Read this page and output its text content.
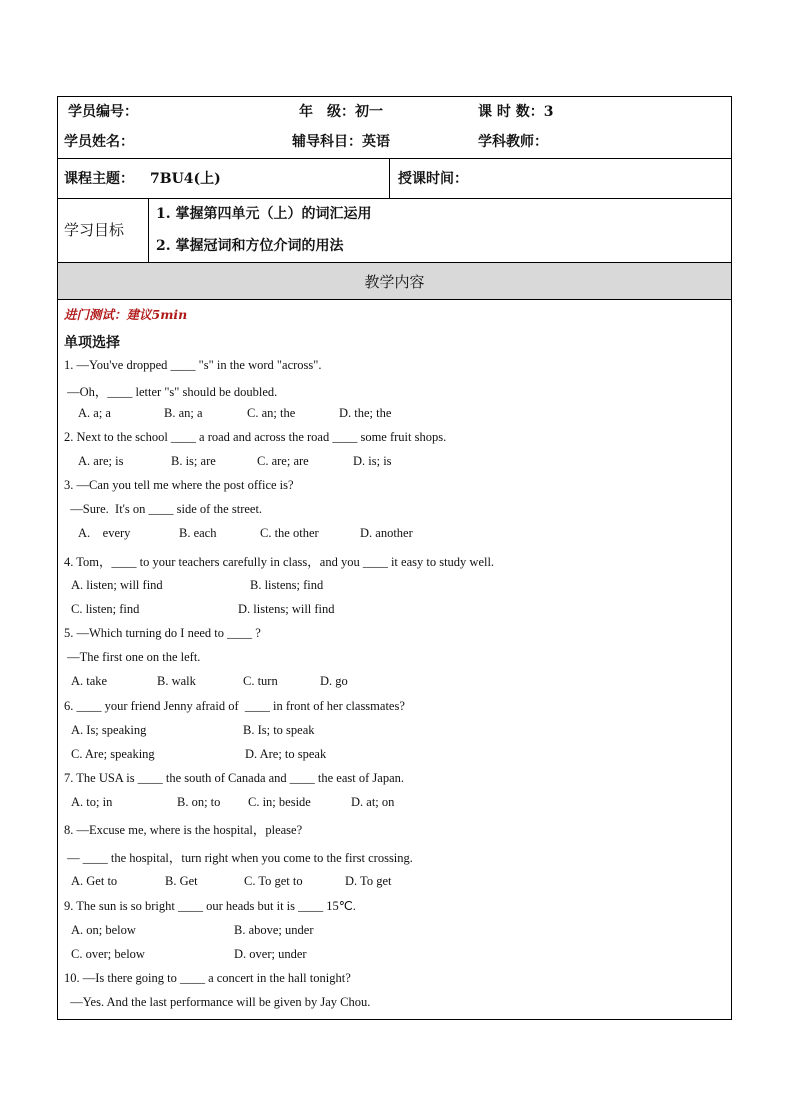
学员编号：	年　级：初一	课 时 数：3
学员姓名：	辅导科目：英语	学科教师：
课程主题： 7BU4(上)	授课时间：
学习目标
1. 掌握第四单元（上）的词汇运用
2. 掌握冠词和方位介词的用法
教学内容
进门测试：建议5min
单项选择
1. —You've dropped ____ "s" in the word "across".
—Oh，____ letter "s" should be doubled.
A. a; a	B. an; a	C. an; the	D. the; the
2. Next to the school ____ a road and across the road ____ some fruit shops.
A. are; is	B. is; are	C. are; are	D. is; is
3. —Can you tell me where the post office is?
—Sure.  It's on ____ side of the street.
A.    every	B. each	C. the other	D. another
4. Tom，____ to your teachers carefully in class，and you ____ it easy to study well.
A. listen; will find	B. listens; find
C. listen; find	D. listens; will find
5. —Which turning do I need to ____ ?
—The first one on the left.
A. take	B. walk	C. turn	D. go
6. ____ your friend Jenny afraid of  ____ in front of her classmates?
A. Is; speaking	B. Is; to speak
C. Are; speaking	D. Are; to speak
7. The USA is ____ the south of Canada and ____ the east of Japan.
A. to; in	B. on; to C. in; beside	D. at; on
8. —Excuse me, where is the hospital，please?
— ____ the hospital，turn right when you come to the first crossing.
A. Get to	B. Get	C. To get to	D. To get
9. The sun is so bright ____ our heads but it is ____ 15℃.
A. on; below	B. above; under
C. over; below	D. over; under
10. —Is there going to ____ a concert in the hall tonight?
—Yes. And the last performance will be given by Jay Chou.
